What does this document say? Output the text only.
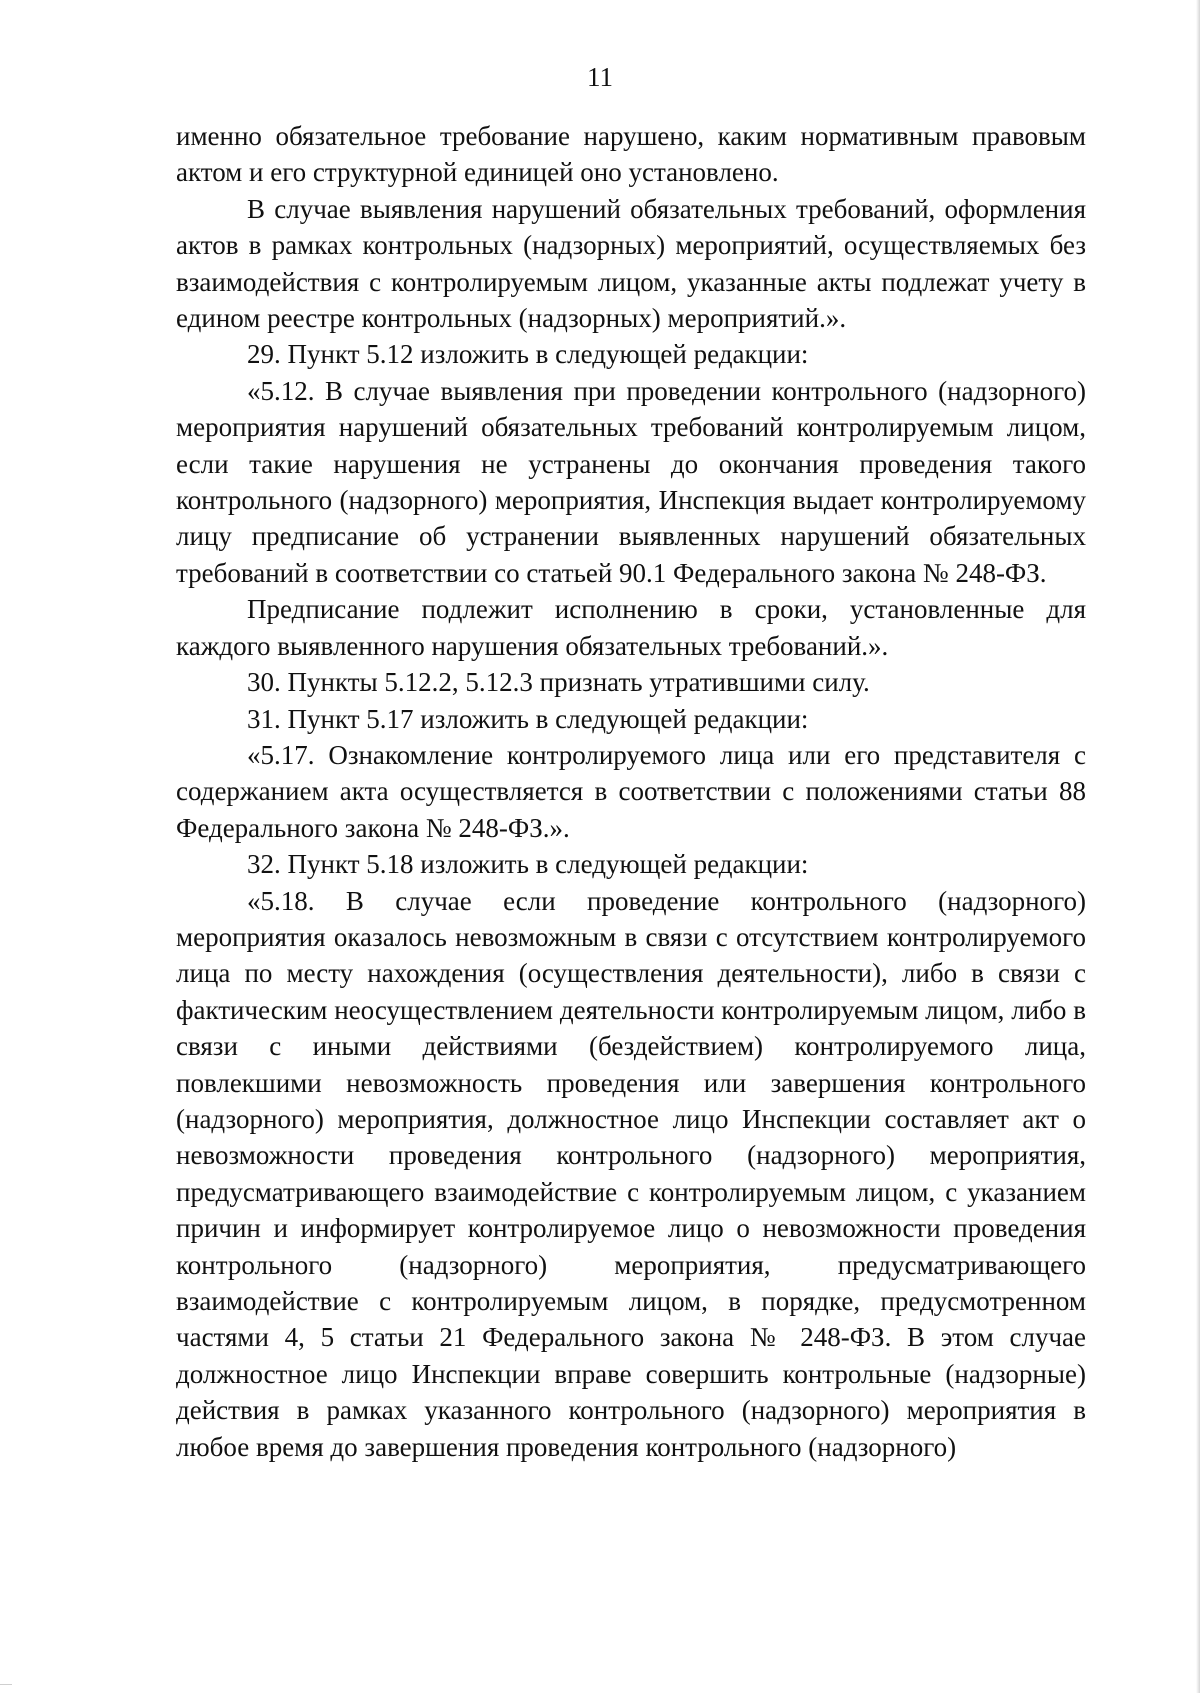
11

именно обязательное требование нарушено, каким нормативным правовым актом и его структурной единицей оно установлено.

В случае выявления нарушений обязательных требований, оформления актов в рамках контрольных (надзорных) мероприятий, осуществляемых без взаимодействия с контролируемым лицом, указанные акты подлежат учету в едином реестре контрольных (надзорных) мероприятий.».

29. Пункт 5.12 изложить в следующей редакции:

«5.12. В случае выявления при проведении контрольного (надзорного) мероприятия нарушений обязательных требований контролируемым лицом, если такие нарушения не устранены до окончания проведения такого контрольного (надзорного) мероприятия, Инспекция выдает контролируемому лицу предписание об устранении выявленных нарушений обязательных требований в соответствии со статьей 90.1 Федерального закона № 248-ФЗ.

Предписание подлежит исполнению в сроки, установленные для каждого выявленного нарушения обязательных требований.».

30. Пункты 5.12.2, 5.12.3 признать утратившими силу.

31. Пункт 5.17 изложить в следующей редакции:

«5.17. Ознакомление контролируемого лица или его представителя с содержанием акта осуществляется в соответствии с положениями статьи 88 Федерального закона № 248-ФЗ.».

32. Пункт 5.18 изложить в следующей редакции:

«5.18. В случае если проведение контрольного (надзорного) мероприятия оказалось невозможным в связи с отсутствием контролируемого лица по месту нахождения (осуществления деятельности), либо в связи с фактическим неосуществлением деятельности контролируемым лицом, либо в связи с иными действиями (бездействием) контролируемого лица, повлекшими невозможность проведения или завершения контрольного (надзорного) мероприятия, должностное лицо Инспекции составляет акт о невозможности проведения контрольного (надзорного) мероприятия, предусматривающего взаимодействие с контролируемым лицом, с указанием причин и информирует контролируемое лицо о невозможности проведения контрольного (надзорного) мероприятия, предусматривающего взаимодействие с контролируемым лицом, в порядке, предусмотренном частями 4, 5 статьи 21 Федерального закона № 248-ФЗ. В этом случае должностное лицо Инспекции вправе совершить контрольные (надзорные) действия в рамках указанного контрольного (надзорного) мероприятия в любое время до завершения проведения контрольного (надзорного)
